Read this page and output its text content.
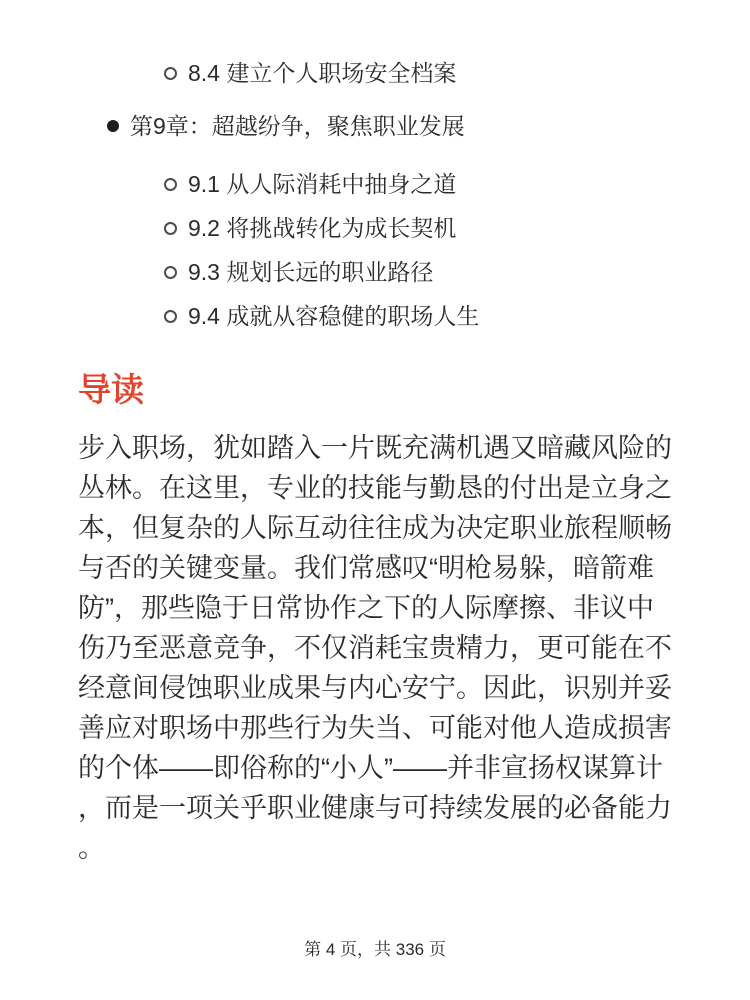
8.4 建立个人职场安全档案
第9章：超越纷争，聚焦职业发展
9.1 从人际消耗中抽身之道
9.2 将挑战转化为成长契机
9.3 规划长远的职业路径
9.4 成就从容稳健的职场人生
导读

步入职场，犹如踏入一片既充满机遇又暗藏风险的丛林。在这里，专业的技能与勤恳的付出是立身之本，但复杂的人际互动往往成为决定职业旅程顺畅与否的关键变量。我们常感叹“明枪易躲，暗箭难防”，那些隐于日常协作之下的人际摩擦、非议中伤乃至恶意竞争，不仅消耗宝贵精力，更可能在不经意间侵蚀职业成果与内心安宁。因此，识别并妥善应对职场中那些行为失当、可能对他人造成损害的个体——即俗称的“小人”——并非宣扬权谋算计，而是一项关乎职业健康与可持续发展的必备能力。

第 4 页，共 336 页
